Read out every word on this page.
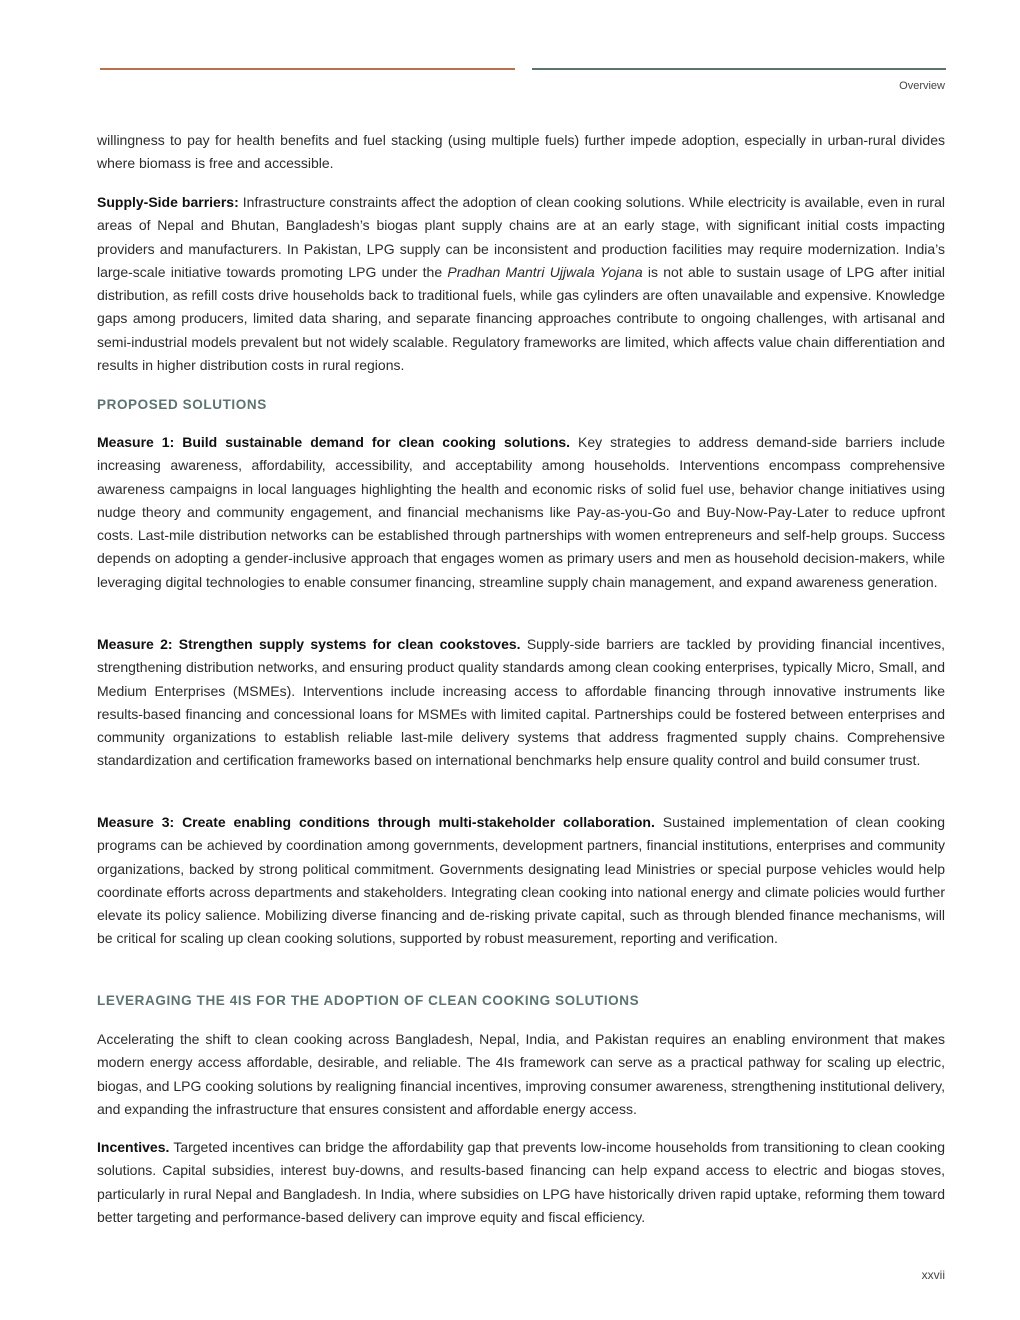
Overview

willingness to pay for health benefits and fuel stacking (using multiple fuels) further impede adoption, especially in urban-rural divides where biomass is free and accessible.

Supply-Side barriers: Infrastructure constraints affect the adoption of clean cooking solutions. While electricity is available, even in rural areas of Nepal and Bhutan, Bangladesh’s biogas plant supply chains are at an early stage, with significant initial costs impacting providers and manufacturers. In Pakistan, LPG supply can be inconsistent and production facilities may require modernization. India’s large-scale initiative towards promoting LPG under the Pradhan Mantri Ujjwala Yojana is not able to sustain usage of LPG after initial distribution, as refill costs drive households back to traditional fuels, while gas cylinders are often unavailable and expensive. Knowledge gaps among producers, limited data sharing, and separate financing approaches contribute to ongoing challenges, with artisanal and semi-industrial models prevalent but not widely scalable. Regulatory frameworks are limited, which affects value chain differentiation and results in higher distribution costs in rural regions.

PROPOSED SOLUTIONS

Measure 1: Build sustainable demand for clean cooking solutions. Key strategies to address demand-side barriers include increasing awareness, affordability, accessibility, and acceptability among households. Interventions encompass comprehensive awareness campaigns in local languages highlighting the health and economic risks of solid fuel use, behavior change initiatives using nudge theory and community engagement, and financial mechanisms like Pay-as-you-Go and Buy-Now-Pay-Later to reduce upfront costs. Last-mile distribution networks can be established through partnerships with women entrepreneurs and self-help groups. Success depends on adopting a gender-inclusive approach that engages women as primary users and men as household decision-makers, while leveraging digital technologies to enable consumer financing, streamline supply chain management, and expand awareness generation.

Measure 2: Strengthen supply systems for clean cookstoves. Supply-side barriers are tackled by providing financial incentives, strengthening distribution networks, and ensuring product quality standards among clean cooking enterprises, typically Micro, Small, and Medium Enterprises (MSMEs). Interventions include increasing access to affordable financing through innovative instruments like results-based financing and concessional loans for MSMEs with limited capital. Partnerships could be fostered between enterprises and community organizations to establish reliable last-mile delivery systems that address fragmented supply chains. Comprehensive standardization and certification frameworks based on international benchmarks help ensure quality control and build consumer trust.

Measure 3: Create enabling conditions through multi-stakeholder collaboration. Sustained implementation of clean cooking programs can be achieved by coordination among governments, development partners, financial institutions, enterprises and community organizations, backed by strong political commitment. Governments designating lead Ministries or special purpose vehicles would help coordinate efforts across departments and stakeholders. Integrating clean cooking into national energy and climate policies would further elevate its policy salience. Mobilizing diverse financing and de-risking private capital, such as through blended finance mechanisms, will be critical for scaling up clean cooking solutions, supported by robust measurement, reporting and verification.

LEVERAGING THE 4IS FOR THE ADOPTION OF CLEAN COOKING SOLUTIONS

Accelerating the shift to clean cooking across Bangladesh, Nepal, India, and Pakistan requires an enabling environment that makes modern energy access affordable, desirable, and reliable. The 4Is framework can serve as a practical pathway for scaling up electric, biogas, and LPG cooking solutions by realigning financial incentives, improving consumer awareness, strengthening institutional delivery, and expanding the infrastructure that ensures consistent and affordable energy access.

Incentives. Targeted incentives can bridge the affordability gap that prevents low-income households from transitioning to clean cooking solutions. Capital subsidies, interest buy-downs, and results-based financing can help expand access to electric and biogas stoves, particularly in rural Nepal and Bangladesh. In India, where subsidies on LPG have historically driven rapid uptake, reforming them toward better targeting and performance-based delivery can improve equity and fiscal efficiency.

xxvii
